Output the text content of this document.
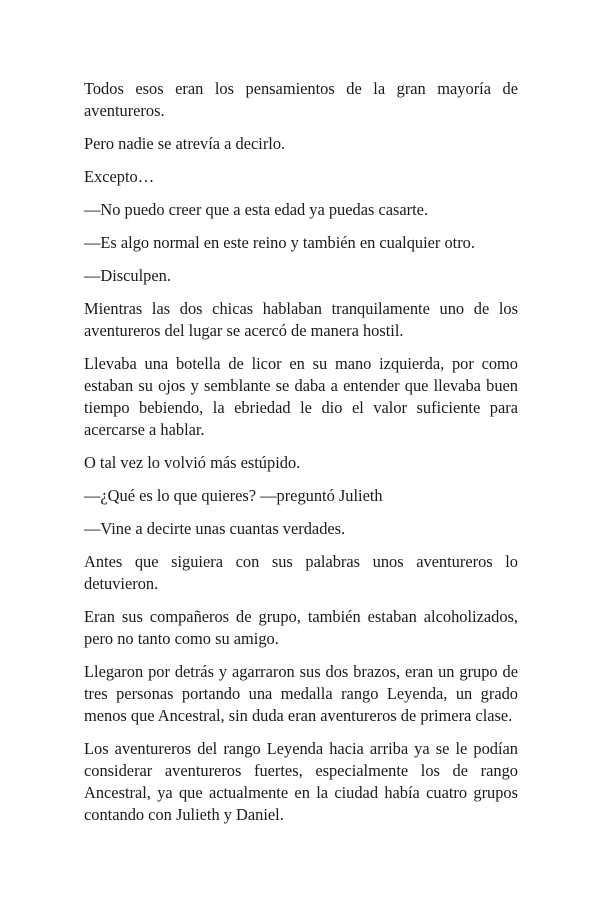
Todos esos eran los pensamientos de la gran mayoría de aventureros.

Pero nadie se atrevía a decirlo.

Excepto…

—No puedo creer que a esta edad ya puedas casarte.

—Es algo normal en este reino y también en cualquier otro.

—Disculpen.

Mientras las dos chicas hablaban tranquilamente uno de los aventureros del lugar se acercó de manera hostil.

Llevaba una botella de licor en su mano izquierda, por como estaban su ojos y semblante se daba a entender que llevaba buen tiempo bebiendo, la ebriedad le dio el valor suficiente para acercarse a hablar.

O tal vez lo volvió más estúpido.

—¿Qué es lo que quieres? —preguntó Julieth

—Vine a decirte unas cuantas verdades.

Antes que siguiera con sus palabras unos aventureros lo detuvieron.

Eran sus compañeros de grupo, también estaban alcoholizados, pero no tanto como su amigo.

Llegaron por detrás y agarraron sus dos brazos, eran un grupo de tres personas portando una medalla rango Leyenda, un grado menos que Ancestral, sin duda eran aventureros de primera clase.

Los aventureros del rango Leyenda hacia arriba ya se le podían considerar aventureros fuertes, especialmente los de rango Ancestral, ya que actualmente en la ciudad había cuatro grupos contando con Julieth y Daniel.
